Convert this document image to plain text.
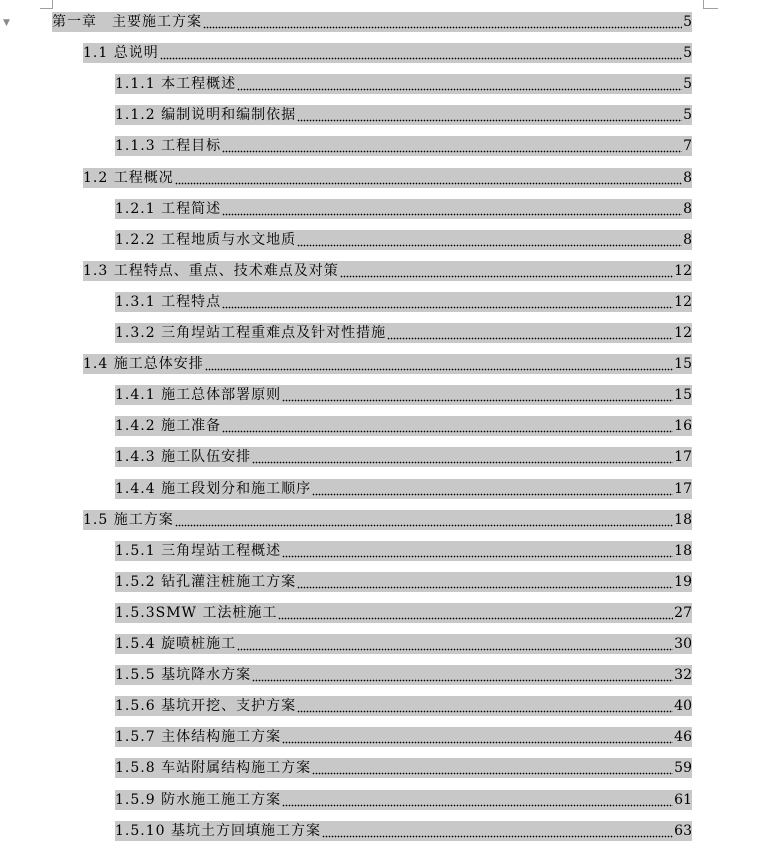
▼	第一章　主要施工方案	5
1.1 总说明	5
1.1.1 本工程概述	5
1.1.2 编制说明和编制依据	5
1.1.3 工程目标	7
1.2 工程概况	8
1.2.1 工程简述	8
1.2.2 工程地质与水文地质	8
1.3 工程特点、重点、技术难点及对策	12
1.3.1 工程特点	12
1.3.2 三角埕站工程重难点及针对性措施	12
1.4 施工总体安排	15
1.4.1 施工总体部署原则	15
1.4.2 施工准备	16
1.4.3 施工队伍安排	17
1.4.4 施工段划分和施工顺序	17
1.5 施工方案	18
1.5.1 三角埕站工程概述	18
1.5.2 钻孔灌注桩施工方案	19
1.5.3SMW 工法桩施工	27
1.5.4 旋喷桩施工	30
1.5.5 基坑降水方案	32
1.5.6 基坑开挖、支护方案	40
1.5.7 主体结构施工方案	46
1.5.8 车站附属结构施工方案	59
1.5.9 防水施工施工方案	61
1.5.10 基坑土方回填施工方案	63
